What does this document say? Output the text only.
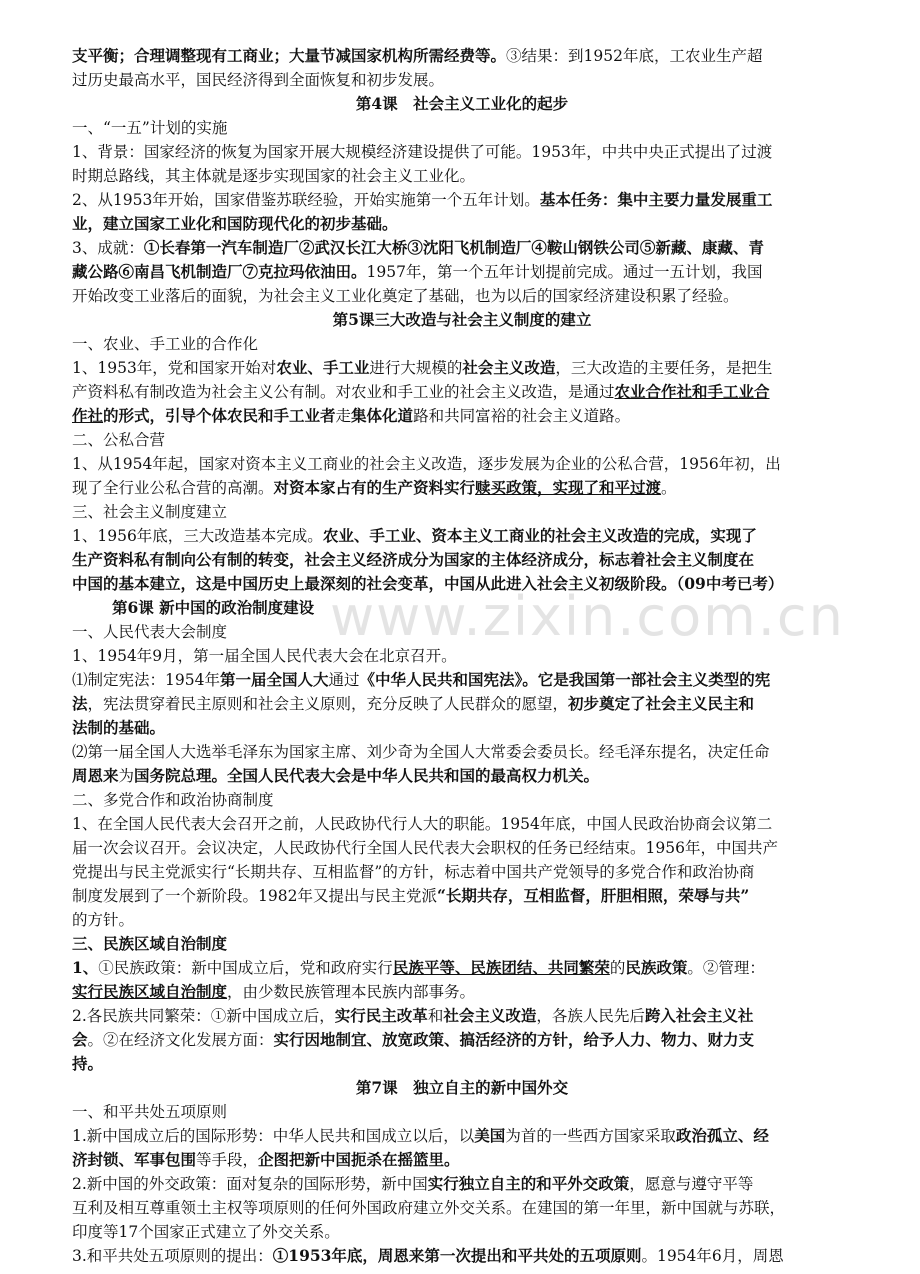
www.zixin.com.cn

支平衡；合理调整现有工商业；大量节减国家机构所需经费等。③结果：到1952年底，工农业生产超

过历史最高水平，国民经济得到全面恢复和初步发展。

第4课　社会主义工业化的起步

一、“一五”计划的实施

1、背景：国家经济的恢复为国家开展大规模经济建设提供了可能。1953年，中共中央正式提出了过渡

时期总路线，其主体就是逐步实现国家的社会主义工业化。

2、从1953年开始，国家借鉴苏联经验，开始实施第一个五年计划。基本任务：集中主要力量发展重工

业，建立国家工业化和国防现代化的初步基础。

3、成就：①长春第一汽车制造厂②武汉长江大桥③沈阳飞机制造厂④鞍山钢铁公司⑤新藏、康藏、青

藏公路⑥南昌飞机制造厂⑦克拉玛依油田。1957年，第一个五年计划提前完成。通过一五计划，我国

开始改变工业落后的面貌，为社会主义工业化奠定了基础，也为以后的国家经济建设积累了经验。

第5课三大改造与社会主义制度的建立

一、农业、手工业的合作化

1、1953年，党和国家开始对农业、手工业进行大规模的社会主义改造，三大改造的主要任务，是把生

产资料私有制改造为社会主义公有制。对农业和手工业的社会主义改造，是通过农业合作社和手工业合

作社的形式，引导个体农民和手工业者走集体化道路和共同富裕的社会主义道路。

二、公私合营

1、从1954年起，国家对资本主义工商业的社会主义改造，逐步发展为企业的公私合营，1956年初，出

现了全行业公私合营的高潮。对资本家占有的生产资料实行赎买政策，实现了和平过渡。

三、社会主义制度建立

1、1956年底，三大改造基本完成。农业、手工业、资本主义工商业的社会主义改造的完成，实现了

生产资料私有制向公有制的转变，社会主义经济成分为国家的主体经济成分，标志着社会主义制度在

中国的基本建立，这是中国历史上最深刻的社会变革，中国从此进入社会主义初级阶段。（09中考已考）

第6课 新中国的政治制度建设

一、人民代表大会制度

1、1954年9月，第一届全国人民代表大会在北京召开。

⑴制定宪法：1954年第一届全国人大通过《中华人民共和国宪法》。它是我国第一部社会主义类型的宪

法，宪法贯穿着民主原则和社会主义原则，充分反映了人民群众的愿望，初步奠定了社会主义民主和

法制的基础。

⑵第一届全国人大选举毛泽东为国家主席、刘少奇为全国人大常委会委员长。经毛泽东提名，决定任命

周恩来为国务院总理。全国人民代表大会是中华人民共和国的最高权力机关。

二、多党合作和政治协商制度

1、在全国人民代表大会召开之前，人民政协代行人大的职能。1954年底，中国人民政治协商会议第二

届一次会议召开。会议决定，人民政协代行全国人民代表大会职权的任务已经结束。1956年，中国共产

党提出与民主党派实行“长期共存、互相监督”的方针，标志着中国共产党领导的多党合作和政治协商

制度发展到了一个新阶段。1982年又提出与民主党派“长期共存，互相监督，肝胆相照，荣辱与共”

的方针。

三、民族区域自治制度

1、①民族政策：新中国成立后，党和政府实行民族平等、民族团结、共同繁荣的民族政策。②管理：

实行民族区域自治制度，由少数民族管理本民族内部事务。

2.各民族共同繁荣：①新中国成立后，实行民主改革和社会主义改造，各族人民先后跨入社会主义社

会。②在经济文化发展方面：实行因地制宜、放宽政策、搞活经济的方针，给予人力、物力、财力支

持。

第7课　独立自主的新中国外交

一、和平共处五项原则

1.新中国成立后的国际形势：中华人民共和国成立以后，以美国为首的一些西方国家采取政治孤立、经

济封锁、军事包围等手段，企图把新中国扼杀在摇篮里。

2.新中国的外交政策：面对复杂的国际形势，新中国实行独立自主的和平外交政策，愿意与遵守平等

互利及相互尊重领土主权等项原则的任何外国政府建立外交关系。在建国的第一年里，新中国就与苏联，

印度等17个国家正式建立了外交关系。

3.和平共处五项原则的提出：①1953年底，周恩来第一次提出和平共处的五项原则。1954年6月，周恩
